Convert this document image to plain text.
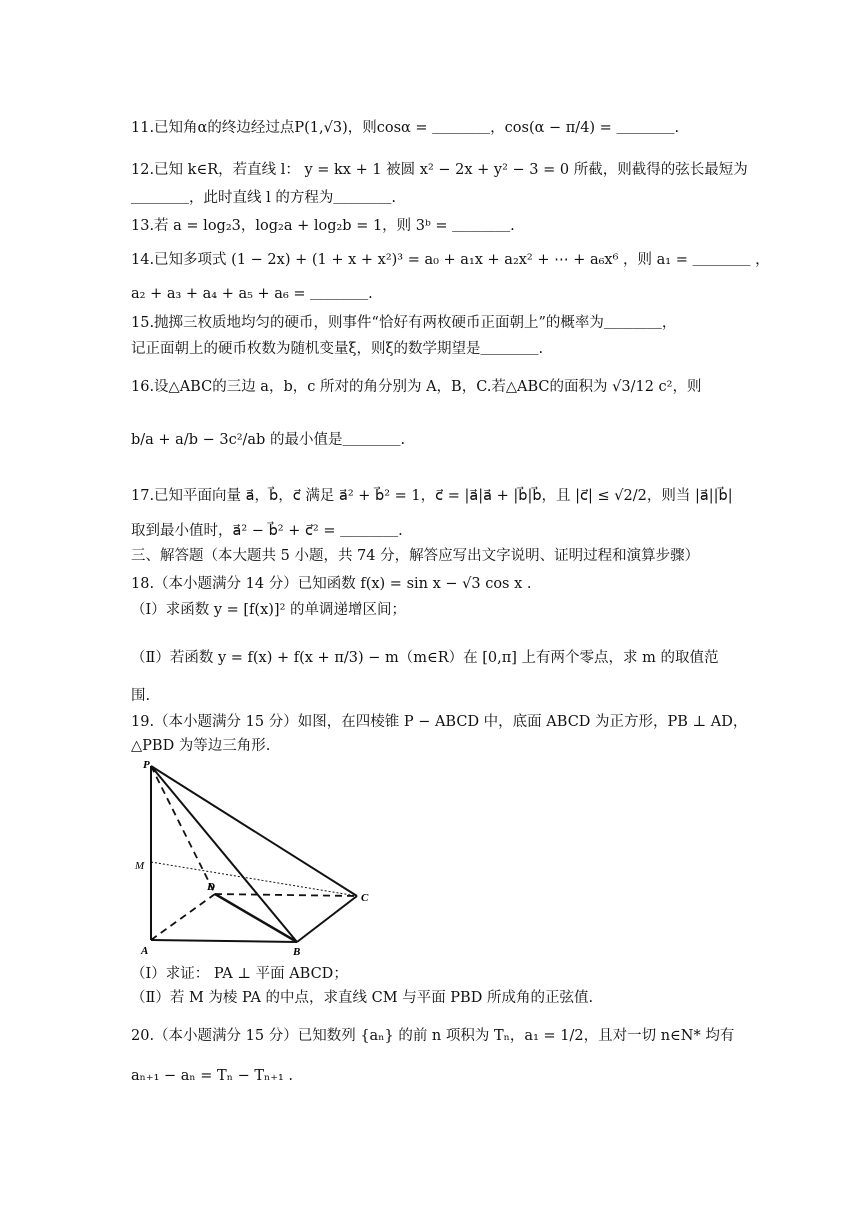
11.已知角α的终边经过点P(1,√3)，则cosα = ＿＿＿＿，cos(α − π/4) = ＿＿＿＿.
12.已知 k∈R，若直线 l： y = kx + 1 被圆 x² − 2x + y² − 3 = 0 所截，则截得的弦长最短为
＿＿＿＿，此时直线 l 的方程为＿＿＿＿.
13.若 a = log₂3，log₂a + log₂b = 1，则 3ᵇ = ＿＿＿＿.
14.已知多项式 (1 − 2x) + (1 + x + x²)³ = a₀ + a₁x + a₂x² + ⋯ + a₆x⁶ ，则 a₁ = ＿＿＿＿ ，
a₂ + a₃ + a₄ + a₅ + a₆ = ＿＿＿＿.
15.抛掷三枚质地均匀的硬币，则事件“恰好有两枚硬币正面朝上”的概率为＿＿＿＿，
记正面朝上的硬币枚数为随机变量ξ，则ξ的数学期望是＿＿＿＿.
16.设△ABC的三边 a，b，c 所对的角分别为 A，B，C.若△ABC的面积为 √3/12 c²，则
b/a + a/b − 3c²/ab 的最小值是＿＿＿＿.
17.已知平面向量 a⃗，b⃗，c⃗ 满足 a⃗² + b⃗² = 1，c⃗ = |a⃗|a⃗ + |b⃗|b⃗，且 |c⃗| ≤ √2/2，则当 |a⃗||b⃗|
取到最小值时，a⃗² − b⃗² + c⃗² = ＿＿＿＿.
三、解答题（本大题共 5 小题，共 74 分，解答应写出文字说明、证明过程和演算步骤）
18.（本小题满分 14 分）已知函数 f(x) = sin x − √3 cos x .
（Ⅰ）求函数 y = [f(x)]² 的单调递增区间；
（Ⅱ）若函数 y = f(x) + f(x + π/3) − m（m∈R）在 [0,π] 上有两个零点，求 m 的取值范
围.
19.（本小题满分 15 分）如图，在四棱锥 P − ABCD 中，底面 ABCD 为正方形，PB ⊥ AD，
△PBD 为等边三角形.
P
M
D
A	B
C
（Ⅰ）求证： PA ⊥ 平面 ABCD；
（Ⅱ）若 M 为棱 PA 的中点，求直线 CM 与平面 PBD 所成角的正弦值.
20.（本小题满分 15 分）已知数列 {aₙ} 的前 n 项积为 Tₙ，a₁ = 1/2，且对一切 n∈N* 均有
aₙ₊₁ − aₙ = Tₙ − Tₙ₊₁ .
